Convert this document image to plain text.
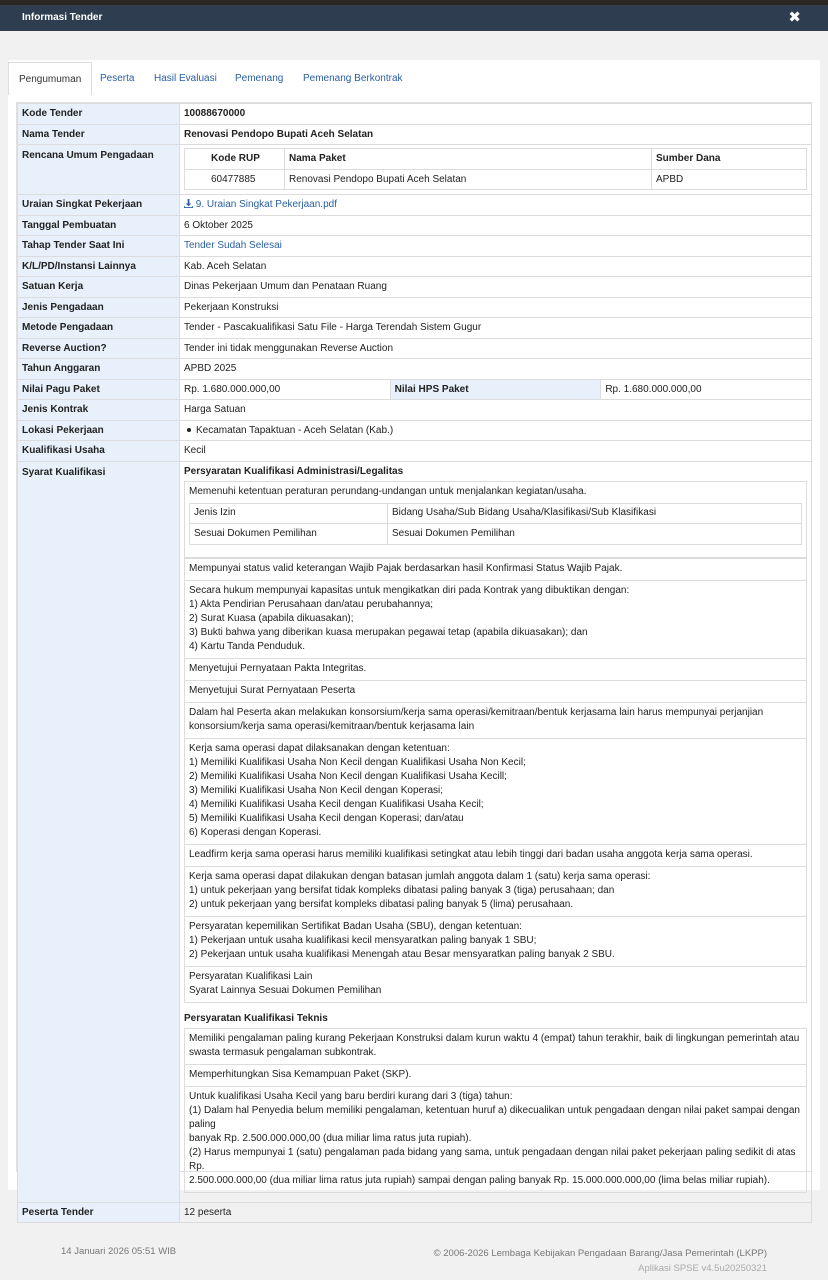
Informasi Tender	✖
Pengumuman	Peserta Hasil Evaluasi Pemenang Pemenang Berkontrak
Kode Tender	10088670000
Nama Tender	Renovasi Pendopo Bupati Aceh Selatan
Rencana Umum Pengadaan		Kode RUP	Nama Paket	Sumber Dana
60477885	Renovasi Pendopo Bupati Aceh Selatan	APBD

Uraian Singkat Pekerjaan	9. Uraian Singkat Pekerjaan.pdf
Tanggal Pembuatan	6 Oktober 2025
Tahap Tender Saat Ini	Tender Sudah Selesai
K/L/PD/Instansi Lainnya	Kab. Aceh Selatan
Satuan Kerja	Dinas Pekerjaan Umum dan Penataan Ruang
Jenis Pengadaan	Pekerjaan Konstruksi
Metode Pengadaan	Tender - Pascakualifikasi Satu File - Harga Terendah Sistem Gugur
Reverse Auction?	Tender ini tidak menggunakan Reverse Auction
Tahun Anggaran	APBD 2025
Nilai Pagu Paket	Rp. 1.680.000.000,00	Nilai HPS Paket	Rp. 1.680.000.000,00
Jenis Kontrak	Harga Satuan
Lokasi Pekerjaan	Kecamatan Tapaktuan - Aceh Selatan (Kab.)
Kualifikasi Usaha	Kecil
Syarat Kualifikasi	Persyaratan Kualifikasi Administrasi/Legalitas
Memenuhi ketentuan peraturan perundang-undangan untuk menjalankan kegiatan/usaha.
Jenis Izin	Bidang Usaha/Sub Bidang Usaha/Klasifikasi/Sub Klasifikasi
Sesuai Dokumen Pemilihan	Sesuai Dokumen Pemilihan
Mempunyai status valid keterangan Wajib Pajak berdasarkan hasil Konfirmasi Status Wajib Pajak.
Secara hukum mempunyai kapasitas untuk mengikatkan diri pada Kontrak yang dibuktikan dengan:
1) Akta Pendirian Perusahaan dan/atau perubahannya;
2) Surat Kuasa (apabila dikuasakan);
3) Bukti bahwa yang diberikan kuasa merupakan pegawai tetap (apabila dikuasakan); dan
4) Kartu Tanda Penduduk.
Menyetujui Pernyataan Pakta Integritas.
Menyetujui Surat Pernyataan Peserta
Dalam hal Peserta akan melakukan konsorsium/kerja sama operasi/kemitraan/bentuk kerjasama lain harus mempunyai perjanjian
konsorsium/kerja sama operasi/kemitraan/bentuk kerjasama lain
Kerja sama operasi dapat dilaksanakan dengan ketentuan:
1) Memiliki Kualifikasi Usaha Non Kecil dengan Kualifikasi Usaha Non Kecil;
2) Memiliki Kualifikasi Usaha Non Kecil dengan Kualifikasi Usaha Kecill;
3) Memiliki Kualifikasi Usaha Non Kecil dengan Koperasi;
4) Memiliki Kualifikasi Usaha Kecil dengan Kualifikasi Usaha Kecil;
5) Memiliki Kualifikasi Usaha Kecil dengan Koperasi; dan/atau
6) Koperasi dengan Koperasi.
Leadfirm kerja sama operasi harus memiliki kualifikasi setingkat atau lebih tinggi dari badan usaha anggota kerja sama operasi.
Kerja sama operasi dapat dilakukan dengan batasan jumlah anggota dalam 1 (satu) kerja sama operasi:
1) untuk pekerjaan yang bersifat tidak kompleks dibatasi paling banyak 3 (tiga) perusahaan; dan
2) untuk pekerjaan yang bersifat kompleks dibatasi paling banyak 5 (lima) perusahaan.
Persyaratan kepemilikan Sertifikat Badan Usaha (SBU), dengan ketentuan:
1) Pekerjaan untuk usaha kualifikasi kecil mensyaratkan paling banyak 1 SBU;
2) Pekerjaan untuk usaha kualifikasi Menengah atau Besar mensyaratkan paling banyak 2 SBU.
Persyaratan Kualifikasi Lain
Syarat Lainnya Sesuai Dokumen Pemilihan
Persyaratan Kualifikasi Teknis
Memiliki pengalaman paling kurang Pekerjaan Konstruksi dalam kurun waktu 4 (empat) tahun terakhir, baik di lingkungan pemerintah atau
swasta termasuk pengalaman subkontrak.
Memperhitungkan Sisa Kemampuan Paket (SKP).
Untuk kualifikasi Usaha Kecil yang baru berdiri kurang dari 3 (tiga) tahun:
(1) Dalam hal Penyedia belum memiliki pengalaman, ketentuan huruf a) dikecualikan untuk pengadaan dengan nilai paket sampai dengan paling
banyak Rp. 2.500.000.000,00 (dua miliar lima ratus juta rupiah).
(2) Harus mempunyai 1 (satu) pengalaman pada bidang yang sama, untuk pengadaan dengan nilai paket pekerjaan paling sedikit di atas Rp.
2.500.000.000,00 (dua miliar lima ratus juta rupiah) sampai dengan paling banyak Rp. 15.000.000.000,00 (lima belas miliar rupiah).

Peserta Tender	12 peserta
14 Januari 2026 05:51 WIB	© 2006-2026 Lembaga Kebijakan Pengadaan Barang/Jasa Pemerintah (LKPP)
Aplikasi SPSE v4.5u20250321
